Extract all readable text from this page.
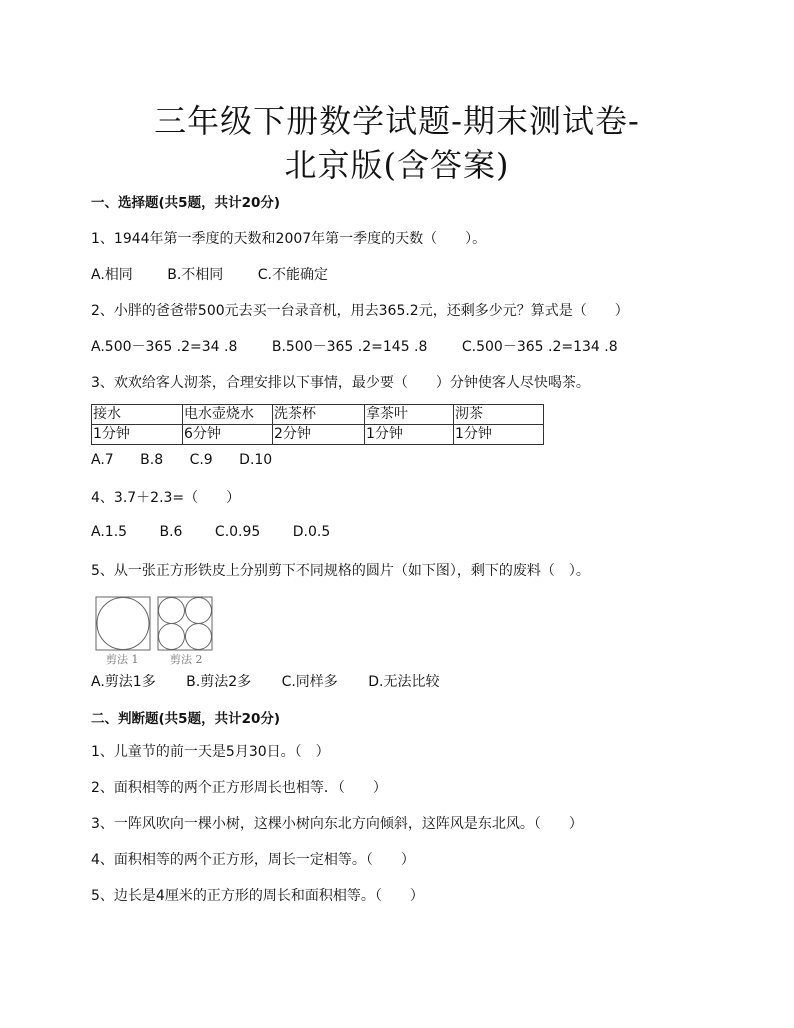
三年级下册数学试题-期末测试卷-
北京版(含答案)
一、选择题(共5题，共计20分)
1、1944年第一季度的天数和2007年第一季度的天数（　　）。
A.相同 B.不相同 C.不能确定
2、小胖的爸爸带500元去买一台录音机，用去365.2元，还剩多少元？算式是（　　）
A.500－365 .2=34 .8 B.500－365 .2=145 .8 C.500－365 .2=134 .8
3、欢欢给客人沏茶，合理安排以下事情，最少要（　　）分钟使客人尽快喝茶。
接水	电水壶烧水	洗茶杯	拿茶叶	沏茶
1分钟	6分钟	2分钟	1分钟	1分钟
A.7 B.8 C.9 D.10
4、3.7＋2.3=（　　）
A.1.5 B.6 C.0.95 D.0.5
5、从一张正方形铁皮上分别剪下不同规格的圆片（如下图），剩下的废料（　）。
剪法 1	剪法 2
A.剪法1多 B.剪法2多 C.同样多 D.无法比较
二、判断题(共5题，共计20分)
1、儿童节的前一天是5月30日。（　）
2、面积相等的两个正方形周长也相等．（　　）
3、一阵风吹向一棵小树，这棵小树向东北方向倾斜，这阵风是东北风。（　　）
4、面积相等的两个正方形，周长一定相等。（　　）
5、边长是4厘米的正方形的周长和面积相等。（　　）
